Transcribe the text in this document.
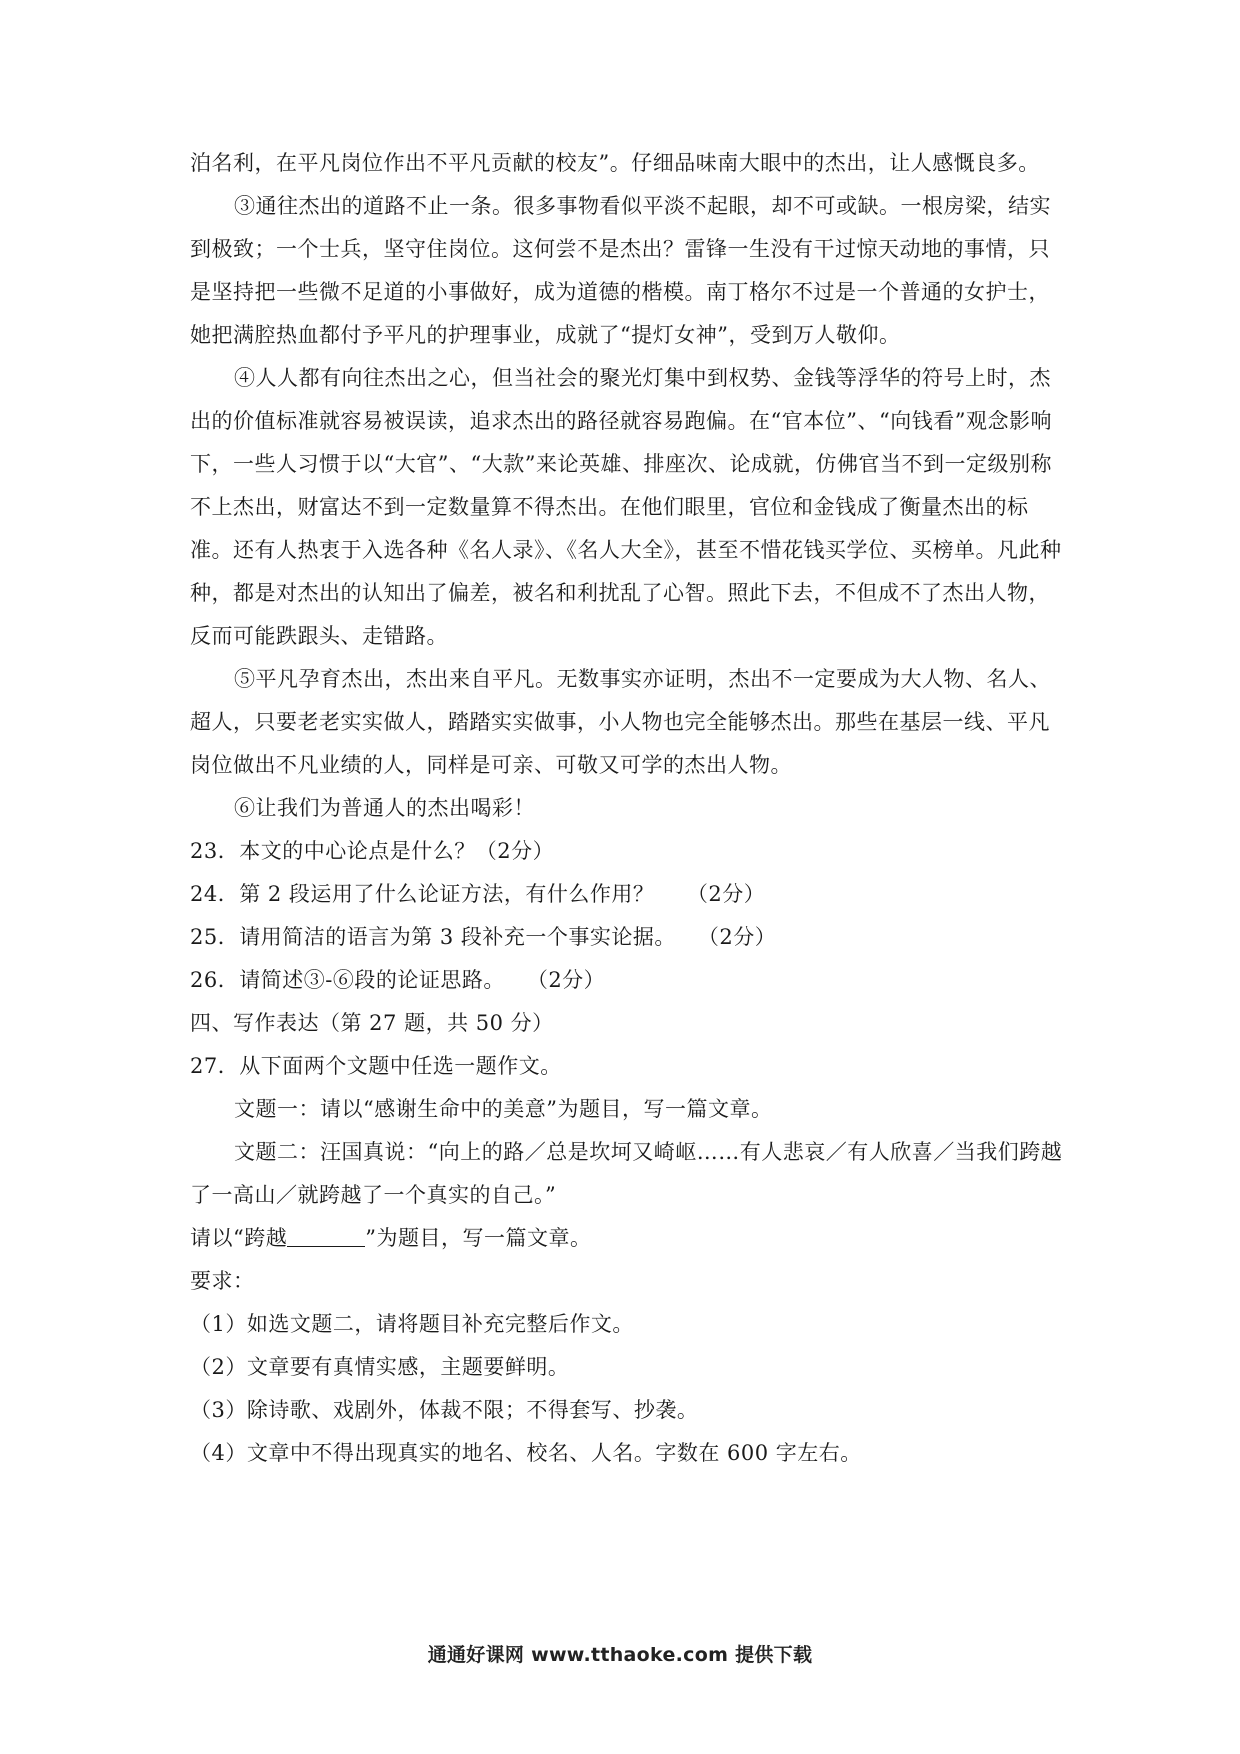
泊名利，在平凡岗位作出不平凡贡献的校友”。仔细品味南大眼中的杰出，让人感慨良多。

③通往杰出的道路不止一条。很多事物看似平淡不起眼，却不可或缺。一根房梁，结实到极致；一个士兵，坚守住岗位。这何尝不是杰出？雷锋一生没有干过惊天动地的事情，只是坚持把一些微不足道的小事做好，成为道德的楷模。南丁格尔不过是一个普通的女护士，她把满腔热血都付予平凡的护理事业，成就了“提灯女神”，受到万人敬仰。

④人人都有向往杰出之心，但当社会的聚光灯集中到权势、金钱等浮华的符号上时，杰出的价值标准就容易被误读，追求杰出的路径就容易跑偏。在“官本位”、“向钱看”观念影响下，一些人习惯于以“大官”、“大款”来论英雄、排座次、论成就，仿佛官当不到一定级别称不上杰出，财富达不到一定数量算不得杰出。在他们眼里，官位和金钱成了衡量杰出的标准。还有人热衷于入选各种《名人录》、《名人大全》，甚至不惜花钱买学位、买榜单。凡此种种，都是对杰出的认知出了偏差，被名和利扰乱了心智。照此下去，不但成不了杰出人物，反而可能跌跟头、走错路。

⑤平凡孕育杰出，杰出来自平凡。无数事实亦证明，杰出不一定要成为大人物、名人、超人，只要老老实实做人，踏踏实实做事，小人物也完全能够杰出。那些在基层一线、平凡岗位做出不凡业绩的人，同样是可亲、可敬又可学的杰出人物。

⑥让我们为普通人的杰出喝彩！

23．本文的中心论点是什么？（2分）

24．第 2 段运用了什么论证方法，有什么作用？　　（2分）

25．请用简洁的语言为第 3 段补充一个事实论据。　　（2分）

26．请简述③-⑥段的论证思路。　　（2分）

四、写作表达（第 27 题，共 50 分）

27．从下面两个文题中任选一题作文。

文题一：请以“感谢生命中的美意”为题目，写一篇文章。

文题二：汪国真说：“向上的路／总是坎坷又崎岖……有人悲哀／有人欣喜／当我们跨越了一高山／就跨越了一个真实的自己。”

请以“跨越	”为题目，写一篇文章。

要求：

（1）如选文题二，请将题目补充完整后作文。

（2）文章要有真情实感，主题要鲜明。

（3）除诗歌、戏剧外，体裁不限；不得套写、抄袭。

（4）文章中不得出现真实的地名、校名、人名。字数在 600 字左右。

通通好课网 www.tthaoke.com 提供下载
